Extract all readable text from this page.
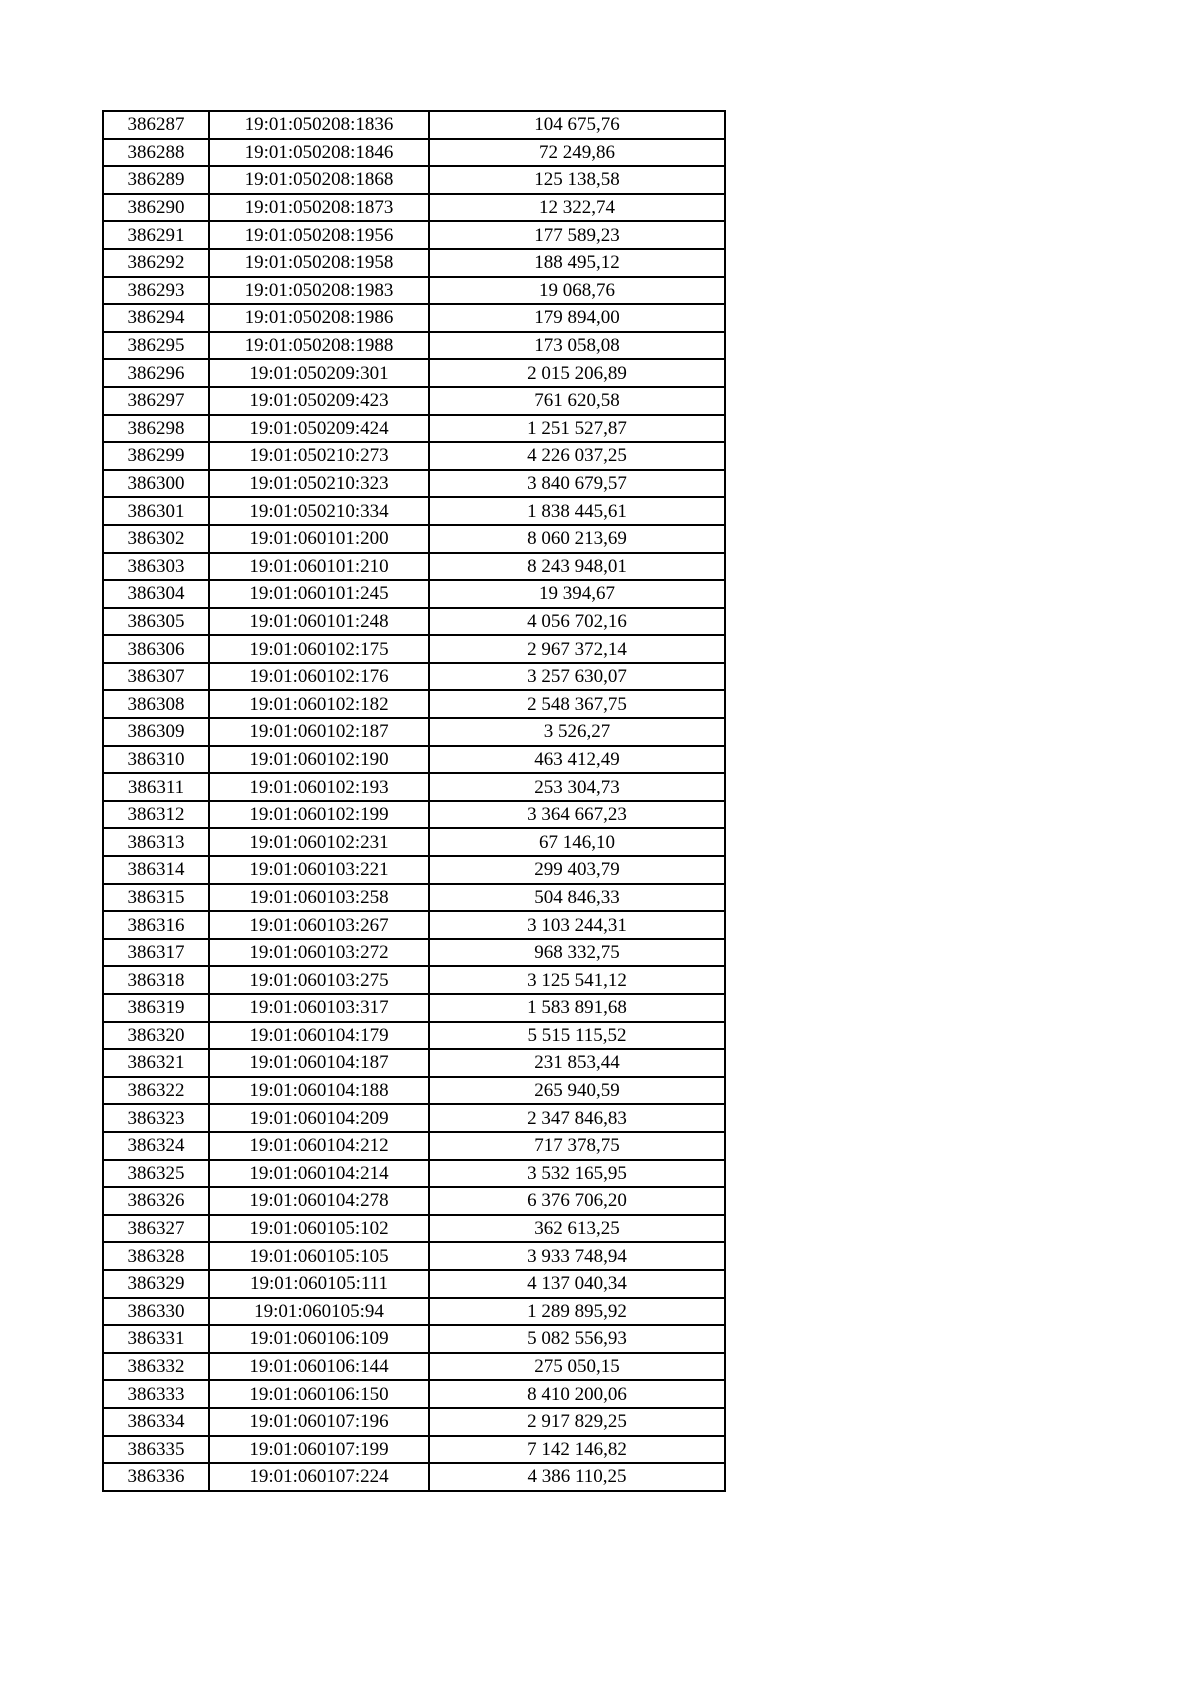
386287	19:01:050208:1836	104 675,76
386288	19:01:050208:1846	72 249,86
386289	19:01:050208:1868	125 138,58
386290	19:01:050208:1873	12 322,74
386291	19:01:050208:1956	177 589,23
386292	19:01:050208:1958	188 495,12
386293	19:01:050208:1983	19 068,76
386294	19:01:050208:1986	179 894,00
386295	19:01:050208:1988	173 058,08
386296	19:01:050209:301	2 015 206,89
386297	19:01:050209:423	761 620,58
386298	19:01:050209:424	1 251 527,87
386299	19:01:050210:273	4 226 037,25
386300	19:01:050210:323	3 840 679,57
386301	19:01:050210:334	1 838 445,61
386302	19:01:060101:200	8 060 213,69
386303	19:01:060101:210	8 243 948,01
386304	19:01:060101:245	19 394,67
386305	19:01:060101:248	4 056 702,16
386306	19:01:060102:175	2 967 372,14
386307	19:01:060102:176	3 257 630,07
386308	19:01:060102:182	2 548 367,75
386309	19:01:060102:187	3 526,27
386310	19:01:060102:190	463 412,49
386311	19:01:060102:193	253 304,73
386312	19:01:060102:199	3 364 667,23
386313	19:01:060102:231	67 146,10
386314	19:01:060103:221	299 403,79
386315	19:01:060103:258	504 846,33
386316	19:01:060103:267	3 103 244,31
386317	19:01:060103:272	968 332,75
386318	19:01:060103:275	3 125 541,12
386319	19:01:060103:317	1 583 891,68
386320	19:01:060104:179	5 515 115,52
386321	19:01:060104:187	231 853,44
386322	19:01:060104:188	265 940,59
386323	19:01:060104:209	2 347 846,83
386324	19:01:060104:212	717 378,75
386325	19:01:060104:214	3 532 165,95
386326	19:01:060104:278	6 376 706,20
386327	19:01:060105:102	362 613,25
386328	19:01:060105:105	3 933 748,94
386329	19:01:060105:111	4 137 040,34
386330	19:01:060105:94	1 289 895,92
386331	19:01:060106:109	5 082 556,93
386332	19:01:060106:144	275 050,15
386333	19:01:060106:150	8 410 200,06
386334	19:01:060107:196	2 917 829,25
386335	19:01:060107:199	7 142 146,82
386336	19:01:060107:224	4 386 110,25
